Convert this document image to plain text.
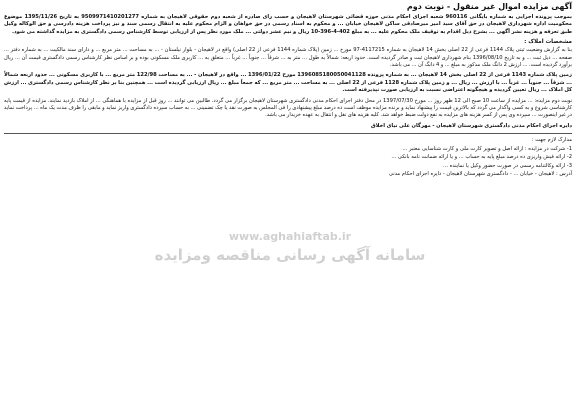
آگهی مزایده اموال غیر منقول - نوبت دوم

بموجب پرونده اجرایی به شماره بایگانی 960116 شعبه اجرای احکام مدنی حوزه قضائی شهرستان لاهیجان و حسب رای صادره از شعبه دوم حقوقی لاهیجان به شماره 9509971410201277 به تاریخ 1395/11/26 موضوع محکومیت اداره شهرداری لاهیجان در حق آقای سید امیر میرصادقی ساکن لاهیجان خیابان ... و محکوم به اسناد رسمی در حق خواهان و الزام محکوم علیه به انتقال رسمی سند و نیز پرداخت هزینه دادرسی و حق الوکاله وکیل طبق تعرفه و هزینه نشر آگهی ... بشرح ذیل اقدام به توقیف ملک محکوم علیه ... به مبلغ 402-4-396-10 ریال و نیم عشر دولتی ... ملک مورد نظر پس از ارزیابی توسط کارشناس رسمی دادگستری به مزایده گذاشته می شود.

مشخصات املاک :

بنا به گزارش وضعیت ثبتی پلاک 1144 فرعی از 22 اصلی بخش 14 لاهیجان به شماره 4117215-97 مورخ ... زمین (پلاک شماره 1144 فرعی از 22 اصلی) واقع در لاهیجان - بلوار نیلستان - ... به مساحت ... متر مربع ... و دارای سند مالکیت ... به شماره دفتر ... صفحه ... ذیل ثبت ... و به تاریخ 1396/08/10 بنام شهرداری لاهیجان ثبت و صادر گردیده است. حدود اربعه: شمالاً به طول ... متر به ... شرقاً ... جنوباً ... غرباً ... متعلق به ... کاربری ملک مسکونی بوده و بر اساس نظر کارشناس رسمی دادگستری قیمت آن ... ریال برآورد گردیده است. ... ارزش 2 دانگ ملک مذکور به مبلغ ... و 4 دانگ آن ... می باشد.

زمین پلاک شماره 1143 فرعی از 22 اصلی بخش 14 لاهیجان ... به شماره پرونده 1396085180050041128 مورخ 1396/01/22 ... واقع در لاهیجان - ... به مساحت 122/98 متر مربع ... با کاربری مسکونی ... حدود اربعه شمالاً ... شرقاً ... جنوباً ... غرباً ... با ارزش ... ریال ... و زمین پلاک شماره 1128 فرعی از 22 اصلی ... به مساحت ... متر مربع ... که جمعاً مبلغ ... ریال ارزیابی گردیده است ... همچنین بنا بر نظر کارشناس رسمی دادگستری ... ارزش کل املاک ... ریال تعیین گردیده و هیچگونه اعتراضی نسبت به ارزیابی صورت نپذیرفته است.

نوبت دوم مزایده: ... مزایده از ساعت 10 صبح الی 12 ظهر روز ... مورخ 1397/07/30 در محل دفتر اجرای احکام مدنی دادگستری شهرستان لاهیجان برگزار می گردد. طالبین می توانند ... روز قبل از مزایده با هماهنگی ... از املاک بازدید نمایند. مزایده از قیمت پایه کارشناسی شروع و به کسی واگذار می گردد که بالاترین قیمت را پیشنهاد نماید و برنده مزایده موظف است ده درصد مبلغ پیشنهادی را فی المجلس به صورت نقد یا چک تضمینی ... به حساب سپرده دادگستری واریز نماید و مابقی را ظرف مدت یک ماه ... پرداخت نماید در غیر اینصورت ... سپرده وی پس از کسر هزینه های مزایده به نفع دولت ضبط خواهد شد. کلیه هزینه های نقل و انتقال به عهده خریدار می باشد.

دایره اجرای احکام مدنی دادگستری شهرستان لاهیجان - مهرگان علی نیای اخلاق

مدارک لازم جهت :
1- شرکت در مزایده : ارائه اصل و تصویر کارت ملی و کارت شناسایی معتبر ...
2- ارائه فیش واریزی ده درصد مبلغ پایه به حساب ... و یا ارائه ضمانت نامه بانکی ...
3- ارائه وکالتنامه رسمی در صورت حضور وکیل یا نماینده ...
آدرس : لاهیجان - خیابان ... - دادگستری شهرستان لاهیجان - دایره اجرای احکام مدنی
www.aghahiaftab.ir
سامانه آگهی رسانی مناقصه ومزایده
